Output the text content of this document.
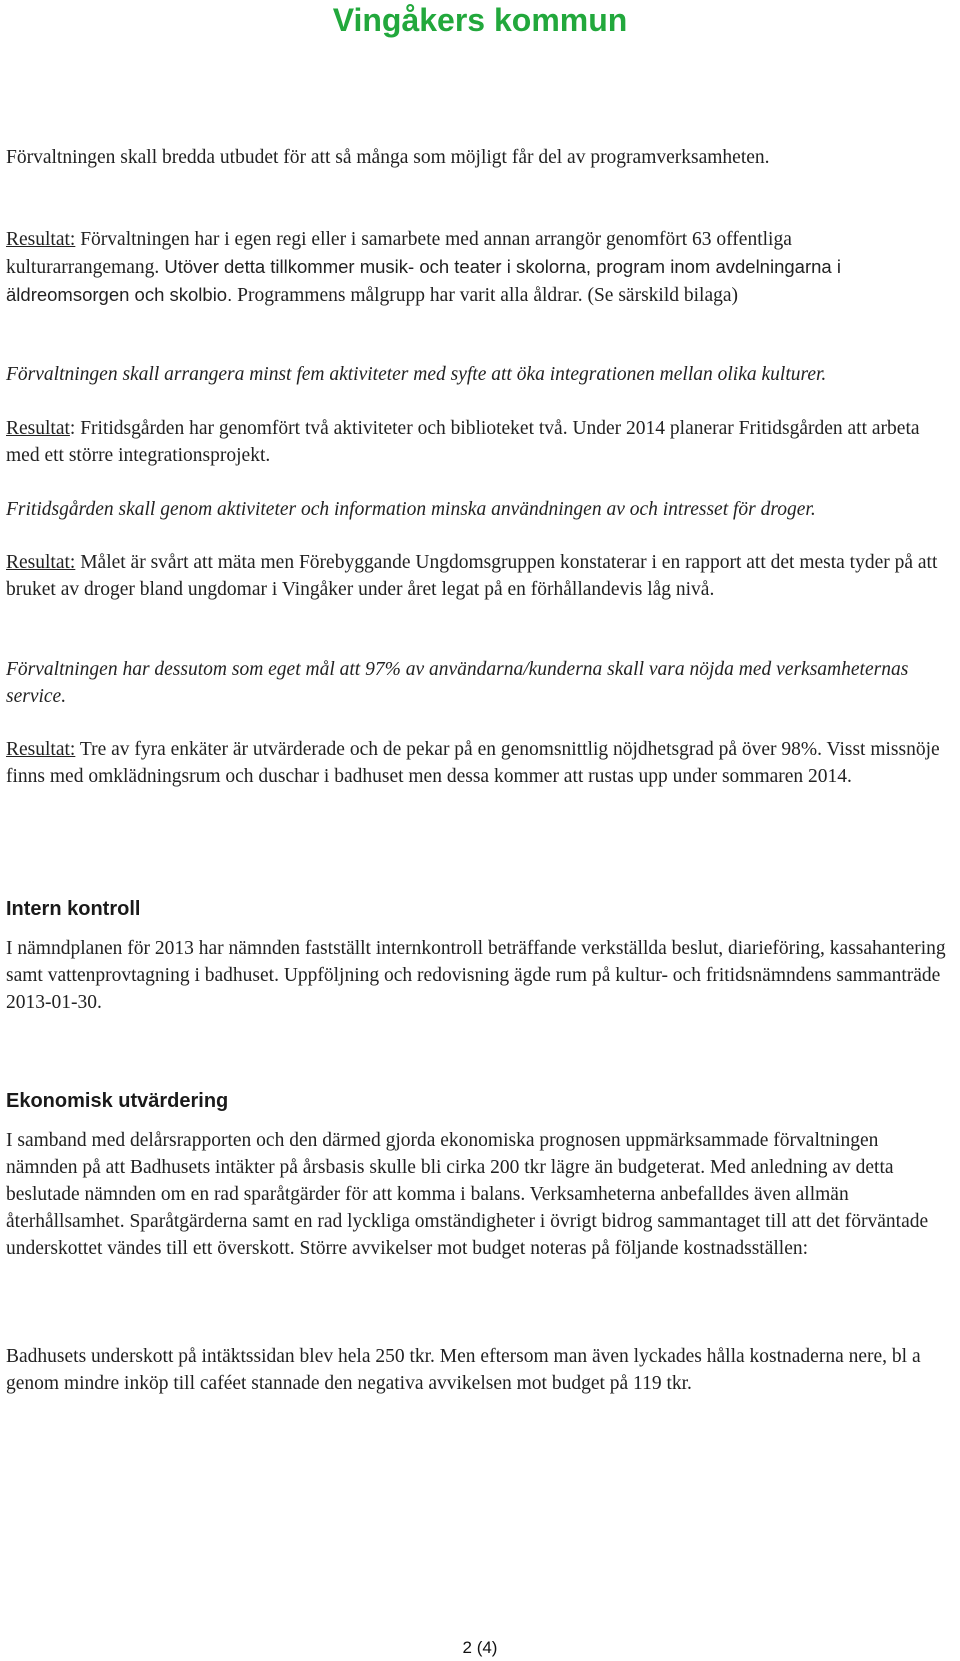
Vingåkers kommun
Förvaltningen skall bredda utbudet för att så många som möjligt får del av programverksamheten.
Resultat: Förvaltningen har i egen regi eller i samarbete med annan arrangör genomfört 63 offentliga kulturarrangemang. Utöver detta tillkommer musik- och teater i skolorna, program inom avdelningarna i äldreomsorgen och skolbio. Programmens målgrupp har varit alla åldrar. (Se särskild bilaga)
Förvaltningen skall arrangera minst fem aktiviteter med syfte att öka integrationen mellan olika kulturer.
Resultat: Fritidsgården har genomfört två aktiviteter och biblioteket två. Under 2014 planerar Fritidsgården att arbeta med ett större integrationsprojekt.
Fritidsgården skall genom aktiviteter och information minska användningen av och intresset för droger.
Resultat: Målet är svårt att mäta men Förebyggande Ungdomsgruppen konstaterar i en rapport att det mesta tyder på att bruket av droger bland ungdomar i Vingåker under året legat på en förhållandevis låg nivå.
Förvaltningen har dessutom som eget mål att 97% av användarna/kunderna skall vara nöjda med verksamheternas service.
Resultat: Tre av fyra enkäter är utvärderade och de pekar på en genomsnittlig nöjdhetsgrad på över 98%. Visst missnöje finns med omklädningsrum och duschar i badhuset men dessa kommer att rustas upp under sommaren 2014.
Intern kontroll
I nämndplanen för 2013 har nämnden fastställt internkontroll beträffande verkställda beslut, diarieföring, kassahantering samt vattenprovtagning i badhuset. Uppföljning och redovisning ägde rum på kultur- och fritidsnämndens sammanträde 2013-01-30.
Ekonomisk utvärdering
I samband med delårsrapporten och den därmed gjorda ekonomiska prognosen uppmärksammade förvaltningen nämnden på att Badhusets intäkter på årsbasis skulle bli cirka 200 tkr lägre än budgeterat. Med anledning av detta beslutade nämnden om en rad sparåtgärder för att komma i balans. Verksamheterna anbefalldes även allmän återhållsamhet. Sparåtgärderna samt en rad lyckliga omständigheter i övrigt bidrog sammantaget till att det förväntade underskottet vändes till ett överskott. Större avvikelser mot budget noteras på följande kostnadsställen:
Badhusets underskott på intäktssidan blev hela 250 tkr. Men eftersom man även lyckades hålla kostnaderna nere, bl a genom mindre inköp till caféet stannade den negativa avvikelsen mot budget på 119 tkr.
2 (4)
